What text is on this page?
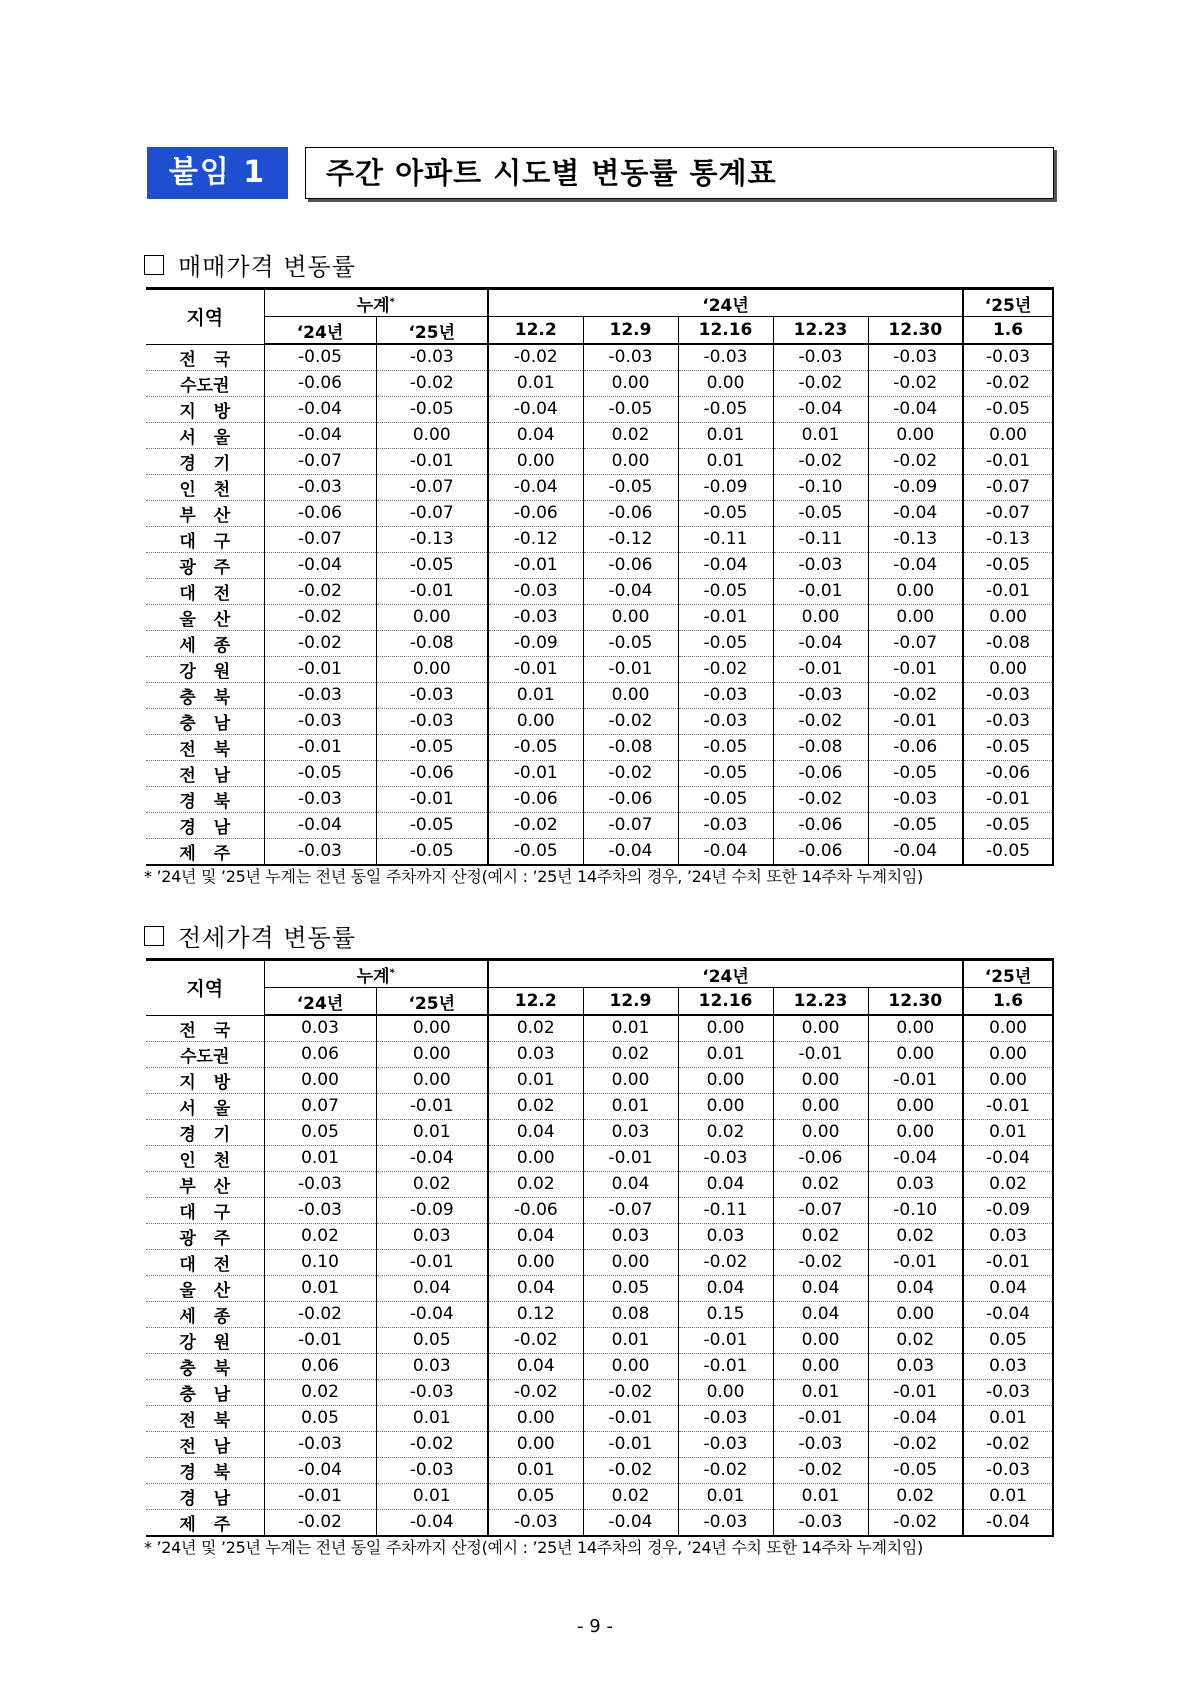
붙임 1	주간 아파트 시도별 변동률 통계표
매매가격 변동률
지역	누계*		‘24년					‘25년
	‘24년	‘25년	12.2	12.9	12.16	12.23	12.30	1.6
전 국	-0.05	-0.03	-0.02	-0.03	-0.03	-0.03	-0.03	-0.03
수도권	-0.06	-0.02	0.01	0.00	0.00	-0.02	-0.02	-0.02
지 방	-0.04	-0.05	-0.04	-0.05	-0.05	-0.04	-0.04	-0.05
서 울	-0.04	0.00	0.04	0.02	0.01	0.01	0.00	0.00
경 기	-0.07	-0.01	0.00	0.00	0.01	-0.02	-0.02	-0.01
인 천	-0.03	-0.07	-0.04	-0.05	-0.09	-0.10	-0.09	-0.07
부 산	-0.06	-0.07	-0.06	-0.06	-0.05	-0.05	-0.04	-0.07
대 구	-0.07	-0.13	-0.12	-0.12	-0.11	-0.11	-0.13	-0.13
광 주	-0.04	-0.05	-0.01	-0.06	-0.04	-0.03	-0.04	-0.05
대 전	-0.02	-0.01	-0.03	-0.04	-0.05	-0.01	0.00	-0.01
울 산	-0.02	0.00	-0.03	0.00	-0.01	0.00	0.00	0.00
세 종	-0.02	-0.08	-0.09	-0.05	-0.05	-0.04	-0.07	-0.08
강 원	-0.01	0.00	-0.01	-0.01	-0.02	-0.01	-0.01	0.00
충 북	-0.03	-0.03	0.01	0.00	-0.03	-0.03	-0.02	-0.03
충 남	-0.03	-0.03	0.00	-0.02	-0.03	-0.02	-0.01	-0.03
전 북	-0.01	-0.05	-0.05	-0.08	-0.05	-0.08	-0.06	-0.05
전 남	-0.05	-0.06	-0.01	-0.02	-0.05	-0.06	-0.05	-0.06
경 북	-0.03	-0.01	-0.06	-0.06	-0.05	-0.02	-0.03	-0.01
경 남	-0.04	-0.05	-0.02	-0.07	-0.03	-0.06	-0.05	-0.05
제 주	-0.03	-0.05	-0.05	-0.04	-0.04	-0.06	-0.04	-0.05
* ’24년 및 ’25년 누계는 전년 동일 주차까지 산정(예시 : ’25년 14주차의 경우, ’24년 수치 또한 14주차 누계치임)
전세가격 변동률
지역	누계*		‘24년					‘25년
	‘24년	‘25년	12.2	12.9	12.16	12.23	12.30	1.6
전 국	0.03	0.00	0.02	0.01	0.00	0.00	0.00	0.00
수도권	0.06	0.00	0.03	0.02	0.01	-0.01	0.00	0.00
지 방	0.00	0.00	0.01	0.00	0.00	0.00	-0.01	0.00
서 울	0.07	-0.01	0.02	0.01	0.00	0.00	0.00	-0.01
경 기	0.05	0.01	0.04	0.03	0.02	0.00	0.00	0.01
인 천	0.01	-0.04	0.00	-0.01	-0.03	-0.06	-0.04	-0.04
부 산	-0.03	0.02	0.02	0.04	0.04	0.02	0.03	0.02
대 구	-0.03	-0.09	-0.06	-0.07	-0.11	-0.07	-0.10	-0.09
광 주	0.02	0.03	0.04	0.03	0.03	0.02	0.02	0.03
대 전	0.10	-0.01	0.00	0.00	-0.02	-0.02	-0.01	-0.01
울 산	0.01	0.04	0.04	0.05	0.04	0.04	0.04	0.04
세 종	-0.02	-0.04	0.12	0.08	0.15	0.04	0.00	-0.04
강 원	-0.01	0.05	-0.02	0.01	-0.01	0.00	0.02	0.05
충 북	0.06	0.03	0.04	0.00	-0.01	0.00	0.03	0.03
충 남	0.02	-0.03	-0.02	-0.02	0.00	0.01	-0.01	-0.03
전 북	0.05	0.01	0.00	-0.01	-0.03	-0.01	-0.04	0.01
전 남	-0.03	-0.02	0.00	-0.01	-0.03	-0.03	-0.02	-0.02
경 북	-0.04	-0.03	0.01	-0.02	-0.02	-0.02	-0.05	-0.03
경 남	-0.01	0.01	0.05	0.02	0.01	0.01	0.02	0.01
제 주	-0.02	-0.04	-0.03	-0.04	-0.03	-0.03	-0.02	-0.04
* ’24년 및 ’25년 누계는 전년 동일 주차까지 산정(예시 : ’25년 14주차의 경우, ’24년 수치 또한 14주차 누계치임)
- 9 -
